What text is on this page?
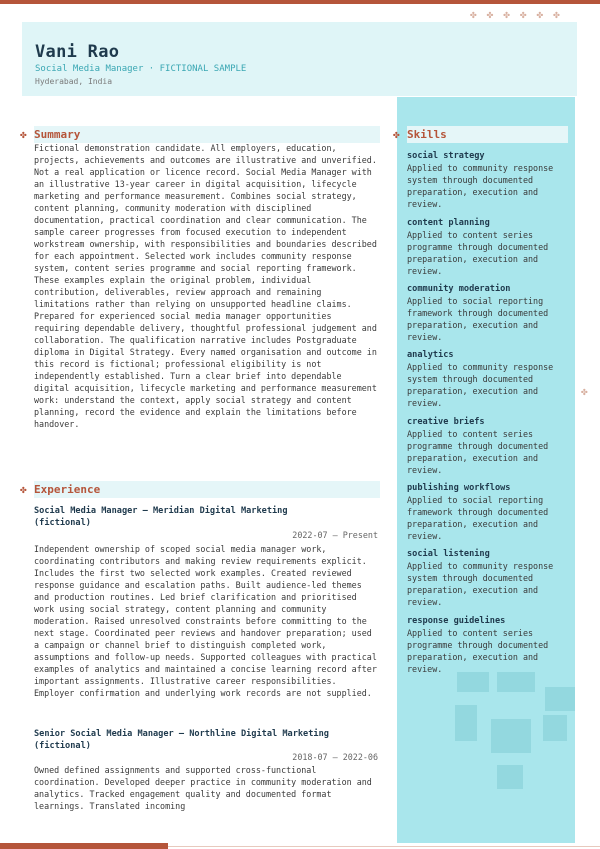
✤ ✤ ✤ ✤ ✤ ✤
Vani Rao
Social Media Manager · FICTIONAL SAMPLE
Hyderabad, India
✤
✤ Summary
Fictional demonstration candidate. All employers, education, projects, achievements and outcomes are illustrative and unverified. Not a real application or licence record. Social Media Manager with an illustrative 13-year career in digital acquisition, lifecycle marketing and performance measurement. Combines social strategy, content planning, community moderation with disciplined documentation, practical coordination and clear communication. The sample career progresses from focused execution to independent workstream ownership, with responsibilities and boundaries described for each appointment. Selected work includes community response system, content series programme and social reporting framework. These examples explain the original problem, individual contribution, deliverables, review approach and remaining limitations rather than relying on unsupported headline claims. Prepared for experienced social media manager opportunities requiring dependable delivery, thoughtful professional judgement and collaboration. The qualification narrative includes Postgraduate diploma in Digital Strategy. Every named organisation and outcome in this record is fictional; professional eligibility is not independently established. Turn a clear brief into dependable digital acquisition, lifecycle marketing and performance measurement work: understand the context, apply social strategy and content planning, record the evidence and explain the limitations before handover.
✤ Experience
Social Media Manager — Meridian Digital Marketing (fictional)
2022-07 – Present
Independent ownership of scoped social media manager work, coordinating contributors and making review requirements explicit. Includes the first two selected work examples. Created reviewed response guidance and escalation paths. Built audience-led themes and production routines. Led brief clarification and prioritised work using social strategy, content planning and community moderation. Raised unresolved constraints before committing to the next stage. Coordinated peer reviews and handover preparation; used a campaign or channel brief to distinguish completed work, assumptions and follow-up needs. Supported colleagues with practical examples of analytics and maintained a concise learning record after important assignments. Illustrative career responsibilities. Employer confirmation and underlying work records are not supplied.
Senior Social Media Manager — Northline Digital Marketing (fictional)
2018-07 – 2022-06
Owned defined assignments and supported cross-functional coordination. Developed deeper practice in community moderation and analytics. Tracked engagement quality and documented format learnings. Translated incoming
✤ Skills
social strategy
Applied to community response system through documented preparation, execution and review.
content planning
Applied to content series programme through documented preparation, execution and review.
community moderation
Applied to social reporting framework through documented preparation, execution and review.
analytics
Applied to community response system through documented preparation, execution and review.
creative briefs
Applied to content series programme through documented preparation, execution and review.
publishing workflows
Applied to social reporting framework through documented preparation, execution and review.
social listening
Applied to community response system through documented preparation, execution and review.
response guidelines
Applied to content series programme through documented preparation, execution and review.
